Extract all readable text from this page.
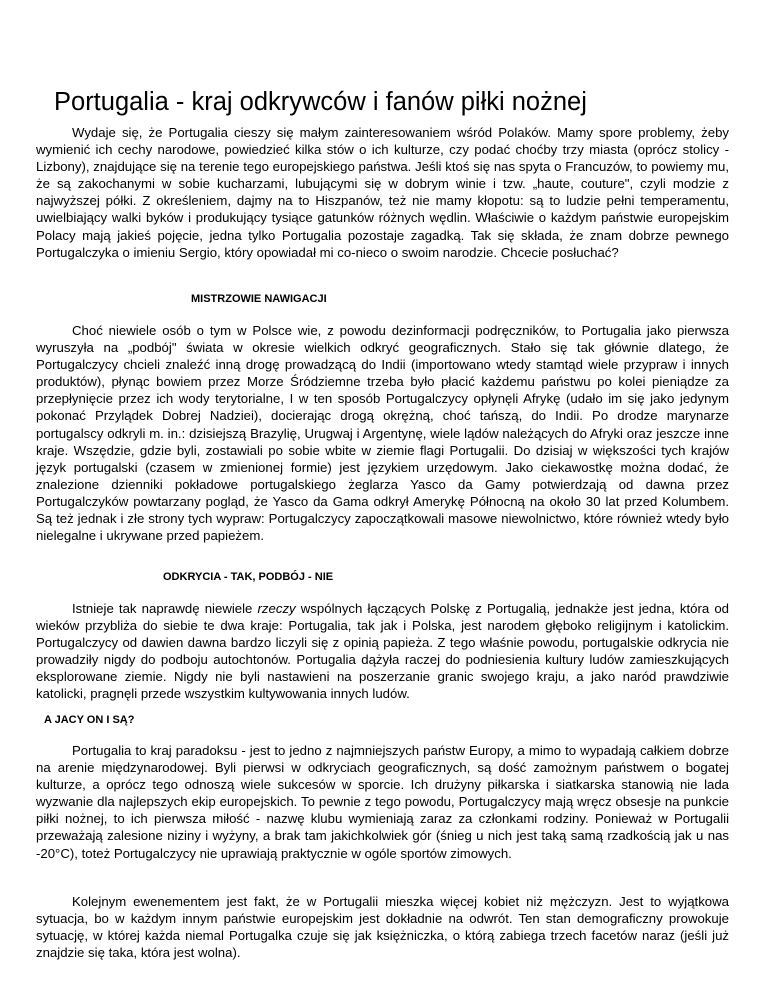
Portugalia - kraj odkrywców i fanów piłki nożnej

Wydaje się, że Portugalia cieszy się małym zainteresowaniem wśród Polaków. Mamy spore problemy, żeby wymienić ich cechy narodowe, powiedzieć kilka stów o ich kulturze, czy podać choćby trzy miasta (oprócz stolicy - Lizbony), znajdujące się na terenie tego europejskiego państwa. Jeśli ktoś się nas spyta o Francuzów, to powiemy mu, że są zakochanymi w sobie kucharzami, lubującymi się w dobrym winie i tzw. „haute, couture", czyli modzie z najwyższej półki. Z określeniem, dajmy na to Hiszpanów, też nie mamy kłopotu: są to ludzie pełni temperamentu, uwielbiający walki byków i produkujący tysiące gatunków różnych wędlin. Właściwie o każdym państwie europejskim Polacy mają jakieś pojęcie, jedna tylko Portugalia pozostaje zagadką. Tak się składa, że znam dobrze pewnego Portugalczyka o imieniu Sergio, który opowiadał mi co-nieco o swoim narodzie. Chcecie posłuchać?

MISTRZOWIE NAWIGACJI

Choć niewiele osób o tym w Polsce wie, z powodu dezinformacji podręczników, to Portugalia jako pierwsza wyruszyła na „podbój" świata w okresie wielkich odkryć geograficznych. Stało się tak głównie dlatego, że Portugalczycy chcieli znaleźć inną drogę prowadzącą do Indii (importowano wtedy stamtąd wiele przypraw i innych produktów), płynąc bowiem przez Morze Śródziemne trzeba było płacić każdemu państwu po kolei pieniądze za przepłynięcie przez ich wody terytorialne, I w ten sposób Portugalczycy opłynęli Afrykę (udało im się jako jedynym pokonać Przylądek Dobrej Nadziei), docierając drogą okrężną, choć tańszą, do Indii. Po drodze marynarze portugalscy odkryli m. in.: dzisiejszą Brazylię, Urugwaj i Argentynę, wiele lądów należących do Afryki oraz jeszcze inne kraje. Wszędzie, gdzie byli, zostawiali po sobie wbite w ziemie flagi Portugalii. Do dzisiaj w większości tych krajów język portugalski (czasem w zmienionej formie) jest językiem urzędowym. Jako ciekawostkę można dodać, że znalezione dzienniki pokładowe portugalskiego żeglarza Yasco da Gamy potwierdzają od dawna przez Portugalczyków powtarzany pogląd, że Yasco da Gama odkrył Amerykę Północną na około 30 lat przed Kolumbem. Są też jednak i złe strony tych wypraw: Portugalczycy zapoczątkowali masowe niewolnictwo, które również wtedy było nielegalne i ukrywane przed papieżem.

ODKRYCIA - TAK, PODBÓJ - NIE

Istnieje tak naprawdę niewiele rzeczy wspólnych łączących Polskę z Portugalią, jednakże jest jedna, która od wieków przybliża do siebie te dwa kraje: Portugalia, tak jak i Polska, jest narodem głęboko religijnym i katolickim. Portugalczycy od dawien dawna bardzo liczyli się z opinią papieża. Z tego właśnie powodu, portugalskie odkrycia nie prowadziły nigdy do podboju autochtonów. Portugalia dążyła raczej do podniesienia kultury ludów zamieszkujących eksplorowane ziemie. Nigdy nie byli nastawieni na poszerzanie granic swojego kraju, a jako naród prawdziwie katolicki, pragnęli przede wszystkim kultywowania innych ludów.

A JACY ON I SĄ?

Portugalia to kraj paradoksu - jest to jedno z najmniejszych państw Europy, a mimo to wypadają całkiem dobrze na arenie międzynarodowej. Byli pierwsi w odkryciach geograficznych, są dość zamożnym państwem o bogatej kulturze, a oprócz tego odnoszą wiele sukcesów w sporcie. Ich drużyny piłkarska i siatkarska stanowią nie lada wyzwanie dla najlepszych ekip europejskich. To pewnie z tego powodu, Portugalczycy mają wręcz obsesje na punkcie piłki nożnej, to ich pierwsza miłość - nazwę klubu wymieniają zaraz za członkami rodziny. Ponieważ w Portugalii przeważają zalesione niziny i wyżyny, a brak tam jakichkolwiek gór (śnieg u nich jest taką samą rzadkością jak u nas -20°C), toteż Portugalczycy nie uprawiają praktycznie w ogóle sportów zimowych.

Kolejnym ewenementem jest fakt, że w Portugalii mieszka więcej kobiet niż mężczyzn. Jest to wyjątkowa sytuacja, bo w każdym innym państwie europejskim jest dokładnie na odwrót. Ten stan demograficzny prowokuje sytuację, w której każda niemal Portugalka czuje się jak księżniczka, o którą zabiega trzech facetów naraz (jeśli już znajdzie się taka, która jest wolna).
